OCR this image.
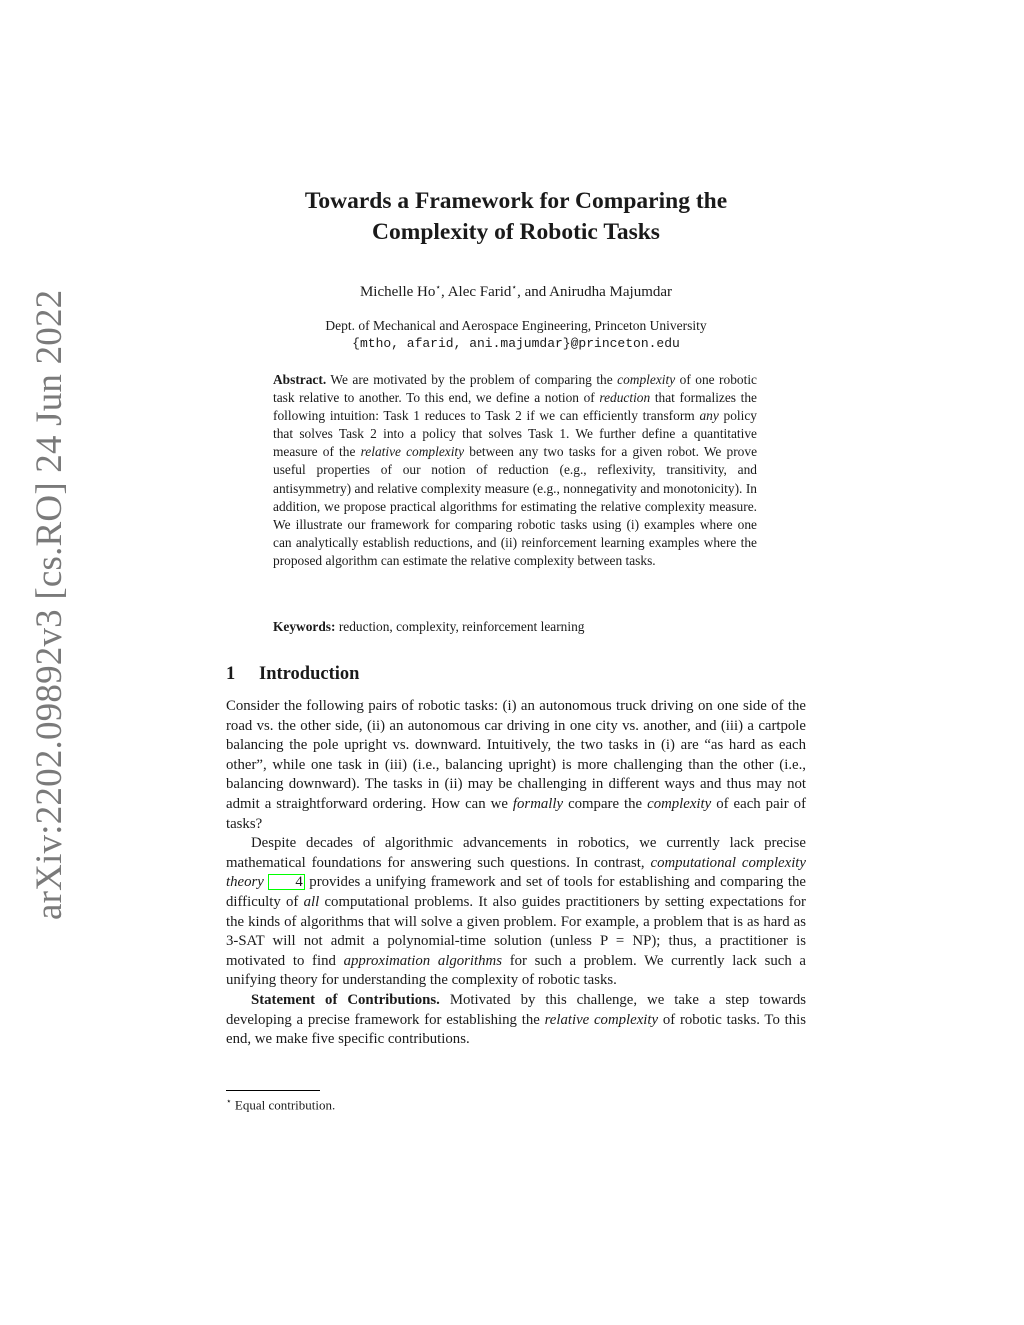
arXiv:2202.09892v3 [cs.RO] 24 Jun 2022
Towards a Framework for Comparing the
Complexity of Robotic Tasks
Michelle Ho⋆, Alec Farid⋆, and Anirudha Majumdar
Dept. of Mechanical and Aerospace Engineering, Princeton University
{mtho, afarid, ani.majumdar}@princeton.edu

Abstract. We are motivated by the problem of comparing the complexity of one robotic task relative to another. To this end, we define a notion of reduction that formalizes the following intuition: Task 1 reduces to Task 2 if we can efficiently transform any policy that solves Task 2 into a policy that solves Task 1. We further define a quantitative measure of the relative complexity between any two tasks for a given robot. We prove useful properties of our notion of reduction (e.g., reflexivity, transitivity, and antisymmetry) and relative complexity measure (e.g., nonnegativity and monotonicity). In addition, we propose practical algorithms for estimating the relative complexity measure. We illustrate our framework for comparing robotic tasks using (i) examples where one can analytically establish reductions, and (ii) reinforcement learning examples where the proposed algorithm can estimate the relative complexity between tasks.

Keywords: reduction, complexity, reinforcement learning

1 Introduction

Consider the following pairs of robotic tasks: (i) an autonomous truck driving on one side of the road vs. the other side, (ii) an autonomous car driving in one city vs. another, and (iii) a cartpole balancing the pole upright vs. downward. Intuitively, the two tasks in (i) are “as hard as each other”, while one task in (iii) (i.e., balancing upright) is more challenging than the other (i.e., balancing downward). The tasks in (ii) may be challenging in different ways and thus may not admit a straightforward ordering. How can we formally compare the complexity of each pair of tasks?

Despite decades of algorithmic advancements in robotics, we currently lack precise mathematical foundations for answering such questions. In contrast, computational complexity theory 4 provides a unifying framework and set of tools for establishing and comparing the difficulty of all computational problems. It also guides practitioners by setting expectations for the kinds of algorithms that will solve a given problem. For example, a problem that is as hard as 3-SAT will not admit a polynomial-time solution (unless P = NP); thus, a practitioner is motivated to find approximation algorithms for such a problem. We currently lack such a unifying theory for understanding the complexity of robotic tasks.

Statement of Contributions. Motivated by this challenge, we take a step towards developing a precise framework for establishing the relative complexity of robotic tasks. To this end, we make five specific contributions.

⋆ Equal contribution.
